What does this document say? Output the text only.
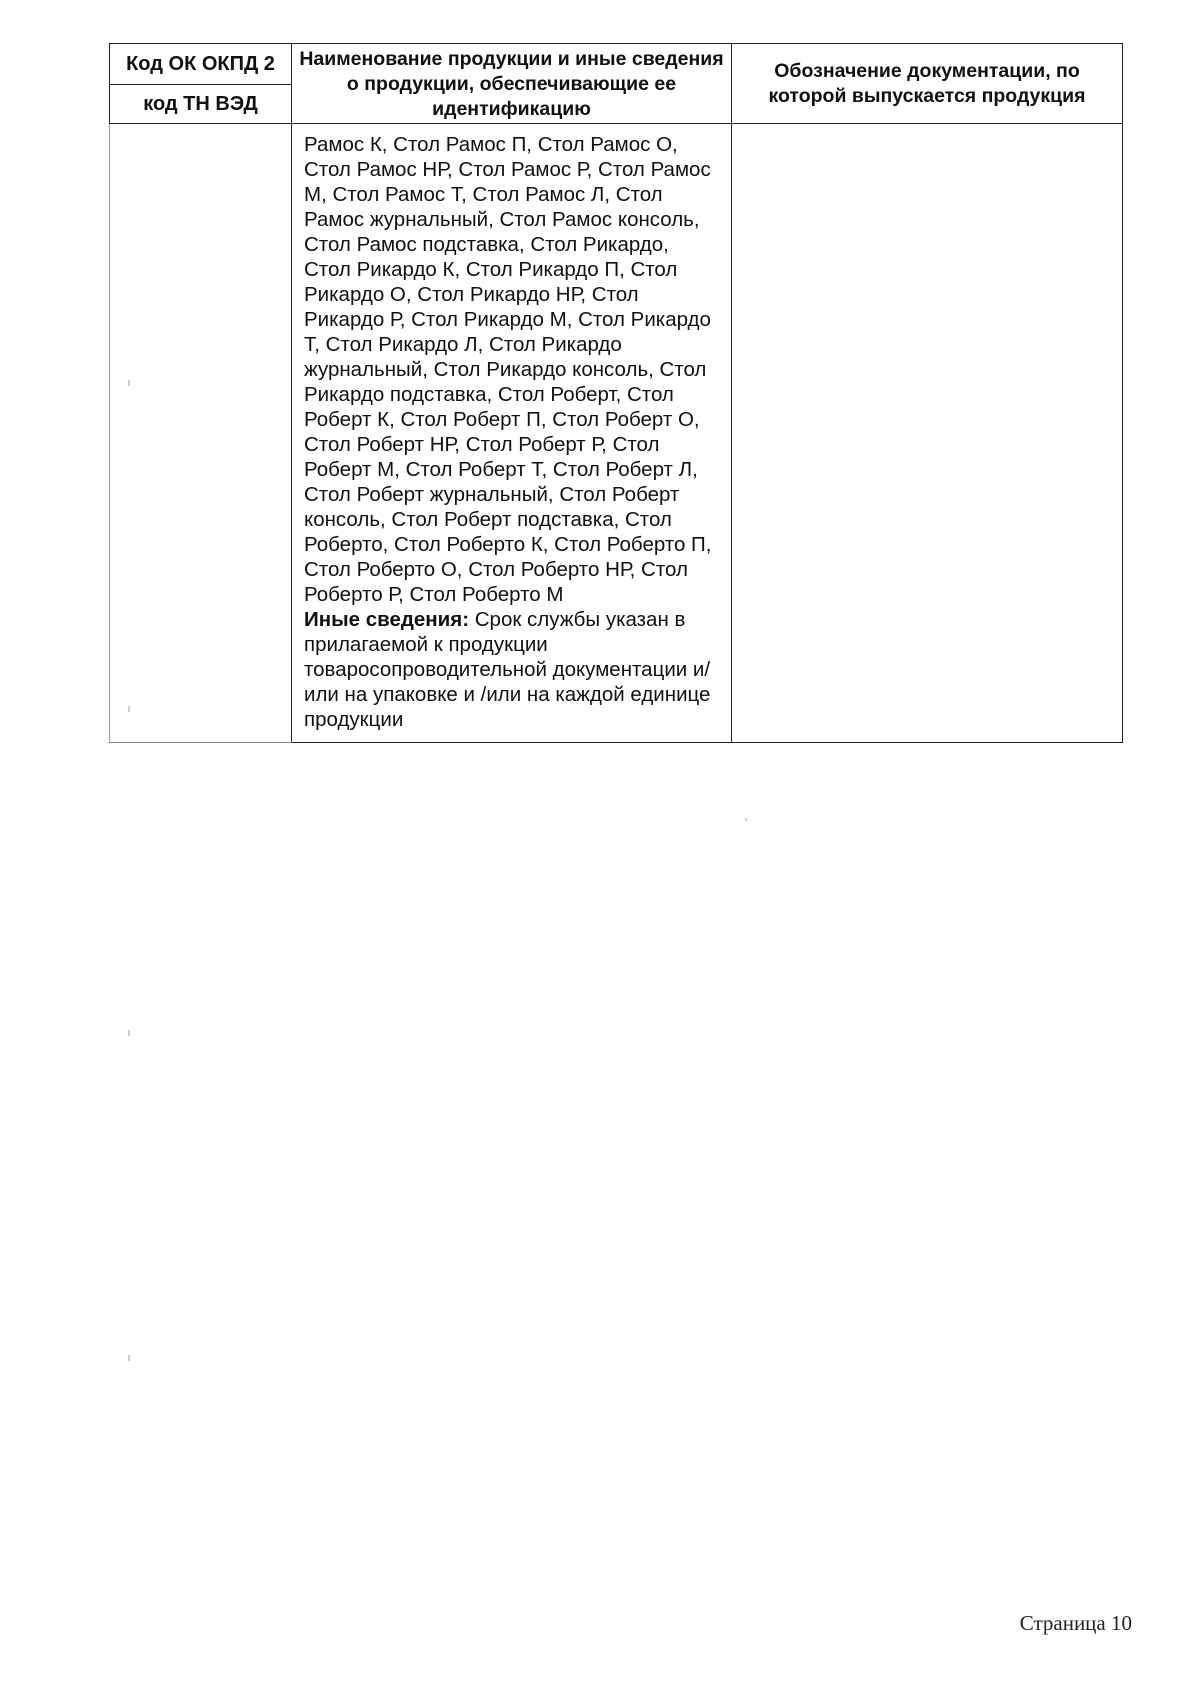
Код ОК ОКПД 2	Наименование продукции и иные сведения о продукции, обеспечивающие ее идентификацию	Обозначение документации, по которой выпускается продукция
код ТН ВЭД		
	Рамос К, Стол Рамос П, Стол Рамос О, Стол Рамос НР, Стол Рамос Р, Стол Рамос М, Стол Рамос Т, Стол Рамос Л, Стол Рамос журнальный, Стол Рамос консоль, Стол Рамос подставка, Стол Рикардо, Стол Рикардо К, Стол Рикардо П, Стол Рикардо О, Стол Рикардо НР, Стол Рикардо Р, Стол Рикардо М, Стол Рикардо Т, Стол Рикардо Л, Стол Рикардо журнальный, Стол Рикардо консоль, Стол Рикардо подставка, Стол Роберт, Стол Роберт К, Стол Роберт П, Стол Роберт О, Стол Роберт НР, Стол Роберт Р, Стол Роберт М, Стол Роберт Т, Стол Роберт Л, Стол Роберт журнальный, Стол Роберт консоль, Стол Роберт подставка, Стол Роберто, Стол Роберто К, Стол Роберто П, Стол Роберто О, Стол Роберто НР, Стол Роберто Р, Стол Роберто М
Иные сведения: Срок службы указан в прилагаемой к продукции товаросопроводительной документации и/или на упаковке и /или на каждой единице продукции	
Страница 10
